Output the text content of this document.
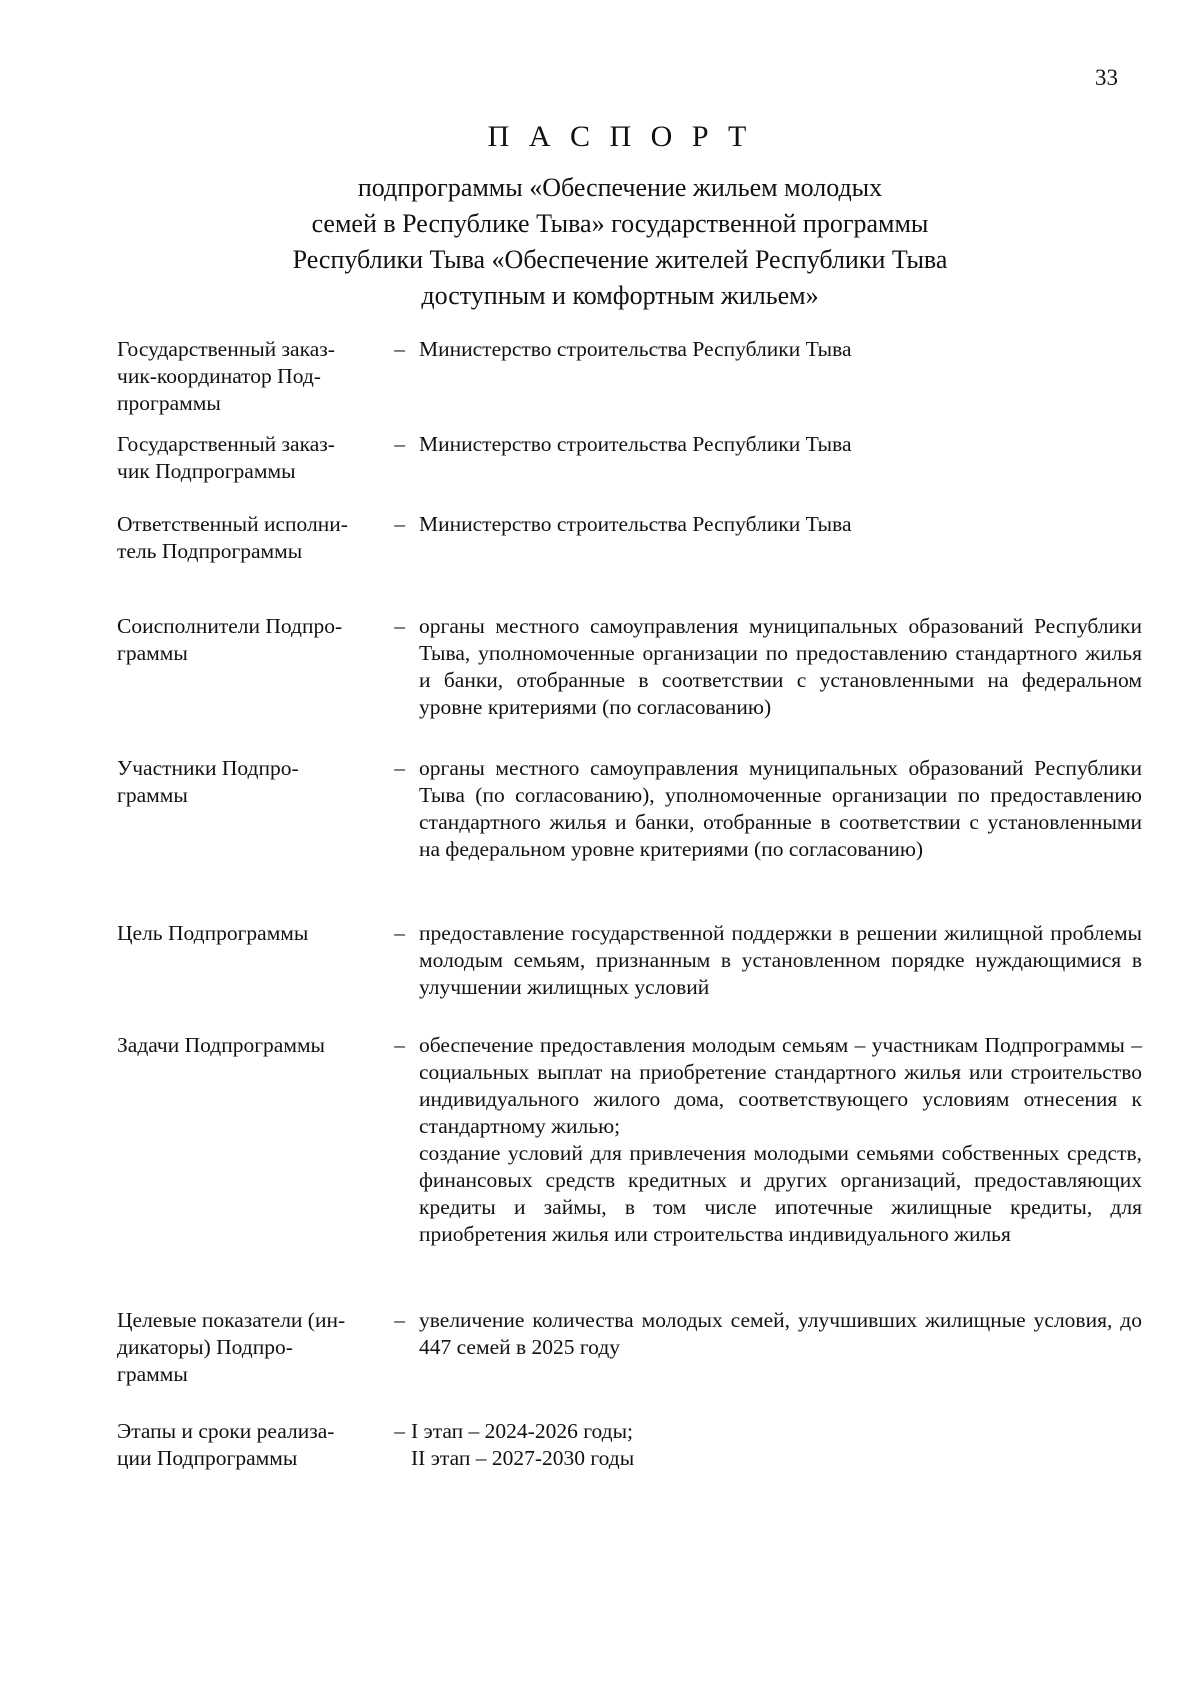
33
П А С П О Р Т
подпрограммы «Обеспечение жильем молодых
семей в Республике Тыва» государственной программы
Республики Тыва «Обеспечение жителей Республики Тыва
доступным и комфортным жильем»
Государственный заказ-
чик-координатор Под-
программы
– Министерство строительства Республики Тыва
Государственный заказ-
чик Подпрограммы
– Министерство строительства Республики Тыва
Ответственный исполни-
тель Подпрограммы
– Министерство строительства Республики Тыва
Соисполнители Подпро-
граммы
– органы местного самоуправления муниципальных образований Республики Тыва, уполномоченные организации по предоставлению стандартного жилья и банки, отобранные в соответствии с установленными на федеральном уровне критериями (по согласованию)
Участники Подпро-
граммы
– органы местного самоуправления муниципальных образований Республики Тыва (по согласованию), уполномоченные организации по предоставлению стандартного жилья и банки, отобранные в соответствии с установленными на федеральном уровне критериями (по согласованию)
Цель Подпрограммы	– предоставление государственной поддержки в решении жилищной проблемы молодым семьям, признанным в установленном порядке нуждающимися в улучшении жилищных условий
Задачи Подпрограммы	– обеспечение предоставления молодым семьям – участникам Подпрограммы – социальных выплат на приобретение стандартного жилья или строительство индивидуального жилого дома, соответствующего условиям отнесения к стандартному жилью;
создание условий для привлечения молодыми семьями собственных средств, финансовых средств кредитных и других организаций, предоставляющих кредиты и займы, в том числе ипотечные жилищные кредиты, для приобретения жилья или строительства индивидуального жилья
Целевые показатели (ин-
дикаторы) Подпро-
граммы
– увеличение количества молодых семей, улучшивших жилищные условия, до 447 семей в 2025 году
Этапы и сроки реализа-
ции Подпрограммы
– I этап – 2024-2026 годы;
II этап – 2027-2030 годы
